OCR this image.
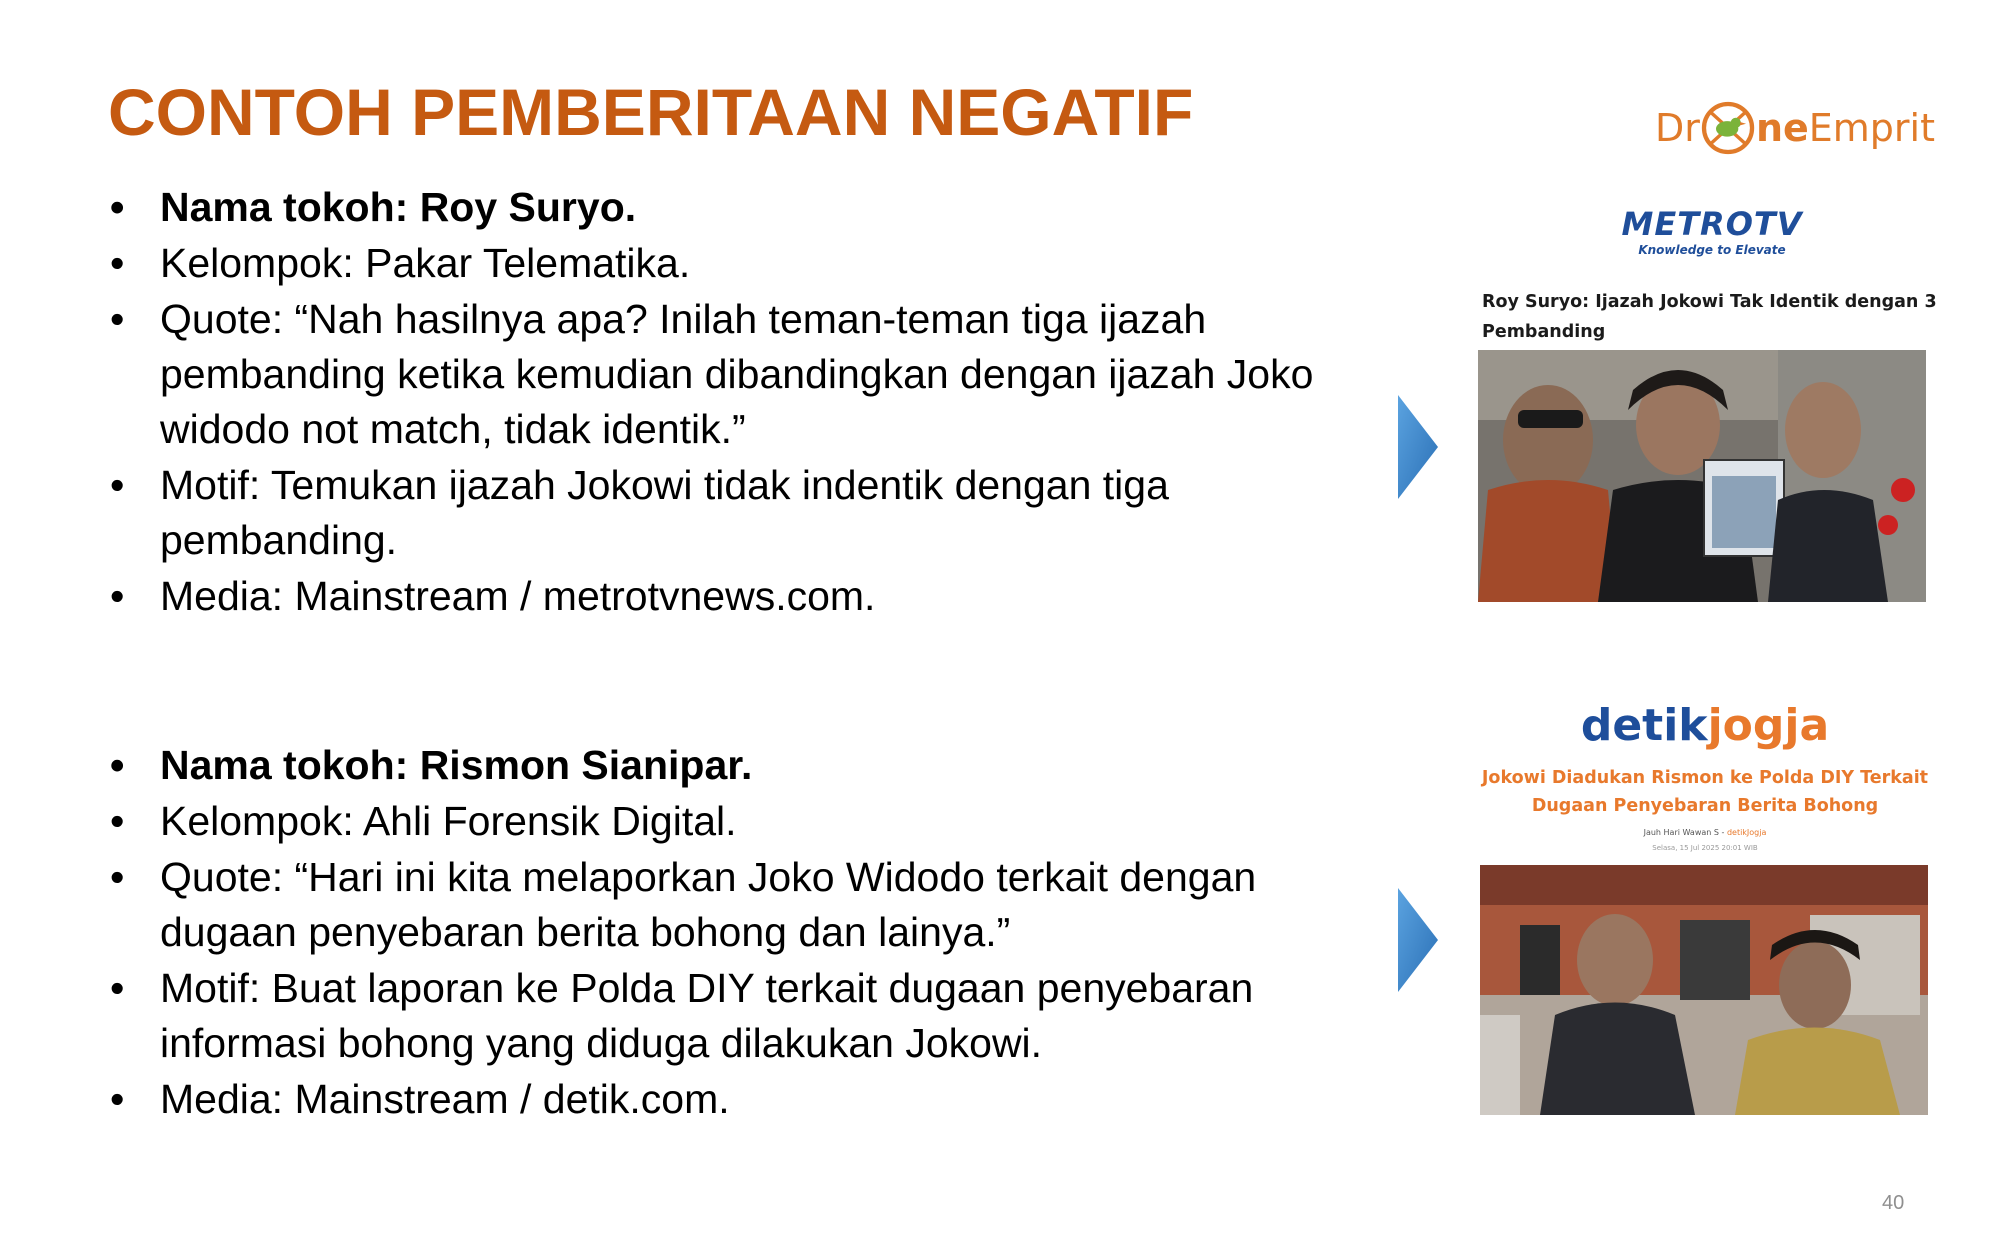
CONTOH PEMBERITAAN NEGATIF	Dr ne Emprit
• Nama tokoh: Roy Suryo.
• Kelompok: Pakar Telematika.
• Quote: “Nah hasilnya apa? Inilah teman-teman tiga ijazah pembanding ketika kemudian dibandingkan dengan ijazah Joko widodo not match, tidak identik.”
• Motif: Temukan ijazah Jokowi tidak indentik dengan tiga pembanding.
• Media: Mainstream / metrotvnews.com.
• Nama tokoh: Rismon Sianipar.
• Kelompok: Ahli Forensik Digital.
• Quote: “Hari ini kita melaporkan Joko Widodo terkait dengan dugaan penyebaran berita bohong dan lainya.”
• Motif: Buat laporan ke Polda DIY terkait dugaan penyebaran informasi bohong yang diduga dilakukan Jokowi.
• Media: Mainstream / detik.com.
METROTV
Knowledge to Elevate
Roy Suryo: Ijazah Jokowi Tak Identik dengan 3 Pembanding
detikjogja
Jokowi Diadukan Rismon ke Polda DIY Terkait Dugaan Penyebaran Berita Bohong
Jauh Hari Wawan S - detikJogja
Selasa, 15 Jul 2025 20:01 WIB
40
